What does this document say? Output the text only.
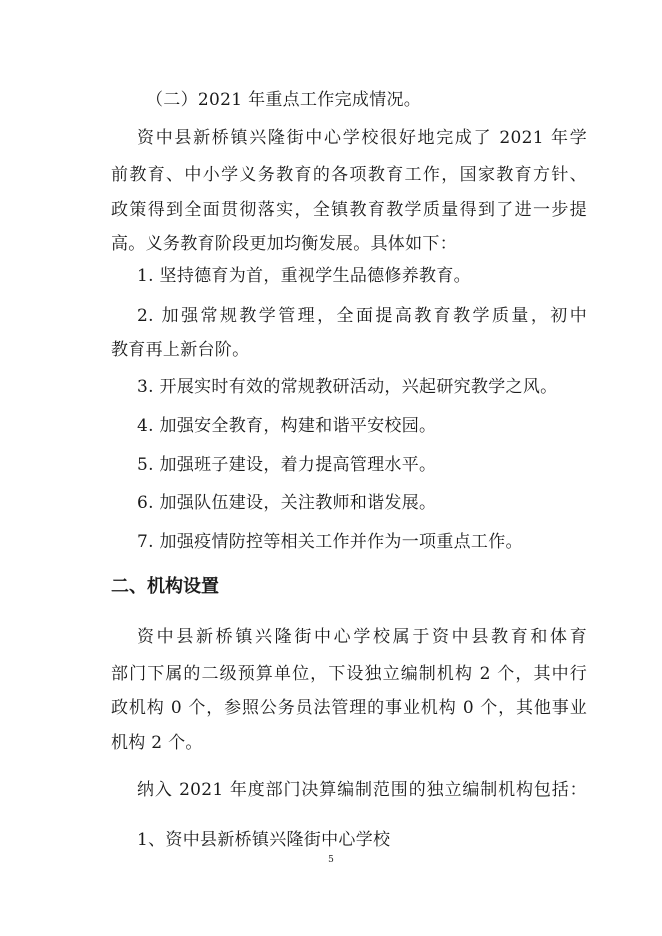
（二）2021 年重点工作完成情况。
资中县新桥镇兴隆街中心学校很好地完成了 2021 年学
前教育、中小学义务教育的各项教育工作，国家教育方针、
政策得到全面贯彻落实，全镇教育教学质量得到了进一步提
高。义务教育阶段更加均衡发展。具体如下：
1. 坚持德育为首，重视学生品德修养教育。
2. 加强常规教学管理，全面提高教育教学质量，初中
教育再上新台阶。
3. 开展实时有效的常规教研活动，兴起研究教学之风。
4. 加强安全教育，构建和谐平安校园。
5. 加强班子建设，着力提高管理水平。
6. 加强队伍建设，关注教师和谐发展。
7. 加强疫情防控等相关工作并作为一项重点工作。
二、机构设置
资中县新桥镇兴隆街中心学校属于资中县教育和体育
部门下属的二级预算单位，下设独立编制机构 2 个，其中行
政机构 0 个，参照公务员法管理的事业机构 0 个，其他事业
机构 2 个。
纳入 2021 年度部门决算编制范围的独立编制机构包括：
1、资中县新桥镇兴隆街中心学校
5
